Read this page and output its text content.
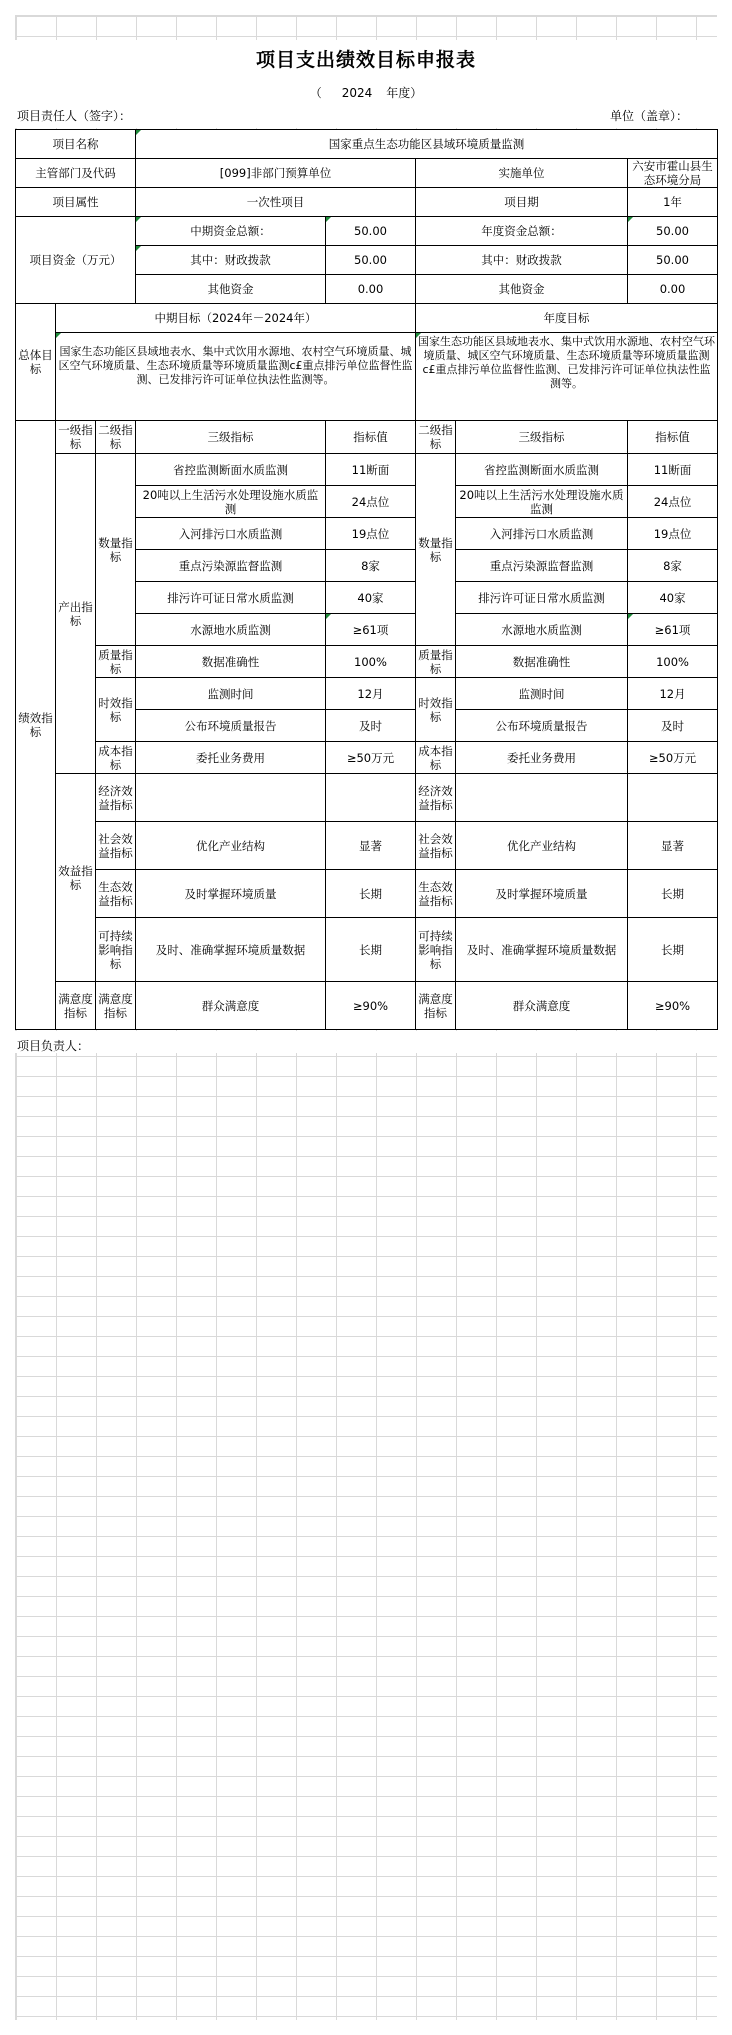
项目支出绩效目标申报表
（ 2024 年度）
项目责任人（签字）：	单位（盖章）：
项目名称			国家重点生态功能区县域环境质量监测				
主管部门及代码			[099]非部门预算单位		实施单位		六安市霍山县生态环境分局
项目属性			一次性项目		项目期		1年
项目资金（万元）			中期资金总额：	50.00	年度资金总额：		50.00
			其中：财政拨款	50.00	其中：财政拨款		50.00
			其他资金	0.00	其他资金		0.00
总体目标	中期目标（2024年－2024年）				年度目标		
	国家生态功能区县域地表水、集中式饮用水源地、农村空气环境质量、城区空气环境质量、生态环境质量等环境质量监测c£重点排污单位监督性监测、已发排污许可证单位执法性监测等。				国家生态功能区县域地表水、集中式饮用水源地、农村空气环境质量、城区空气环境质量、生态环境质量等环境质量监测c£重点排污单位监督性监测、已发排污许可证单位执法性监测等。		
绩效指标	一级指标	二级指标	三级指标	指标值	二级指标	三级指标	指标值
	产出指标	数量指标	省控监测断面水质监测	11断面	数量指标	省控监测断面水质监测	11断面
			20吨以上生活污水处理设施水质监测	24点位		20吨以上生活污水处理设施水质监测	24点位
			入河排污口水质监测	19点位		入河排污口水质监测	19点位
			重点污染源监督监测	8家		重点污染源监督监测	8家
			排污许可证日常水质监测	40家		排污许可证日常水质监测	40家
			水源地水质监测	≥61项		水源地水质监测	≥61项
		质量指标	数据准确性	100%	质量指标	数据准确性	100%
		时效指标	监测时间	12月	时效指标	监测时间	12月
			公布环境质量报告	及时		公布环境质量报告	及时
		成本指标	委托业务费用	≥50万元	成本指标	委托业务费用	≥50万元
	效益指标	经济效益指标			经济效益指标		
		社会效益指标	优化产业结构	显著	社会效益指标	优化产业结构	显著
		生态效益指标	及时掌握环境质量	长期	生态效益指标	及时掌握环境质量	长期
		可持续影响指标	及时、准确掌握环境质量数据	长期	可持续影响指标	及时、准确掌握环境质量数据	长期
	满意度指标	满意度指标	群众满意度	≥90%	满意度指标	群众满意度	≥90%
项目负责人：
